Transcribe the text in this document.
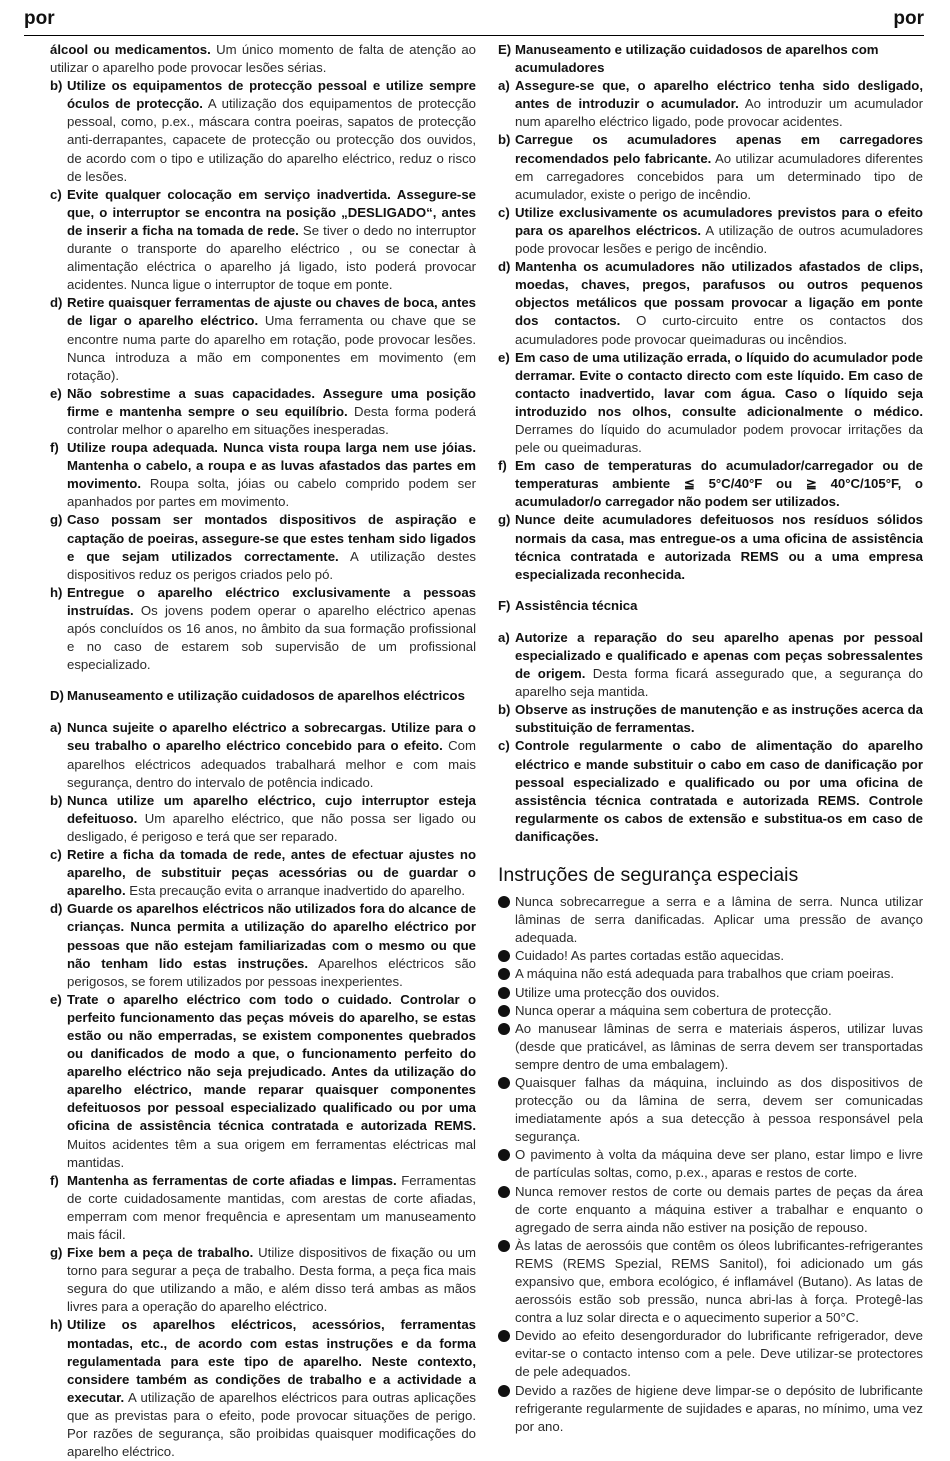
por	por
álcool ou medicamentos. Um único momento de falta de atenção ao utilizar o aparelho pode provocar lesões sérias.
b) Utilize os equipamentos de protecção pessoal e utilize sempre óculos de protecção. A utilização dos equipamentos de protecção pessoal, como, p.ex., máscara contra poeiras, sapatos de protecção anti-derrapantes, capacete de protecção ou protecção dos ouvidos, de acordo com o tipo e utilização do aparelho eléctrico, reduz o risco de lesões.
c) Evite qualquer colocação em serviço inadvertida. Assegure-se que, o interruptor se encontra na posição „DESLIGADO“, antes de inserir a ficha na tomada de rede. Se tiver o dedo no interruptor durante o transporte do aparelho eléctrico , ou se conectar à alimentação eléctrica o aparelho já ligado, isto poderá provocar acidentes. Nunca ligue o interruptor de toque em ponte.
d) Retire quaisquer ferramentas de ajuste ou chaves de boca, antes de ligar o aparelho eléctrico. Uma ferramenta ou chave que se encontre numa parte do aparelho em rotação, pode provocar lesões. Nunca introduza a mão em componentes em movimento (em rotação).
e) Não sobrestime a suas capacidades. Assegure uma posição firme e mantenha sempre o seu equilíbrio. Desta forma poderá controlar melhor o aparelho em situações inesperadas.
f) Utilize roupa adequada. Nunca vista roupa larga nem use jóias. Mantenha o cabelo, a roupa e as luvas afastados das partes em movimento. Roupa solta, jóias ou cabelo comprido podem ser apanhados por partes em movimento.
g) Caso possam ser montados dispositivos de aspiração e captação de poeiras, assegure-se que estes tenham sido ligados e que sejam utilizados correctamente. A utilização destes dispositivos reduz os perigos criados pelo pó.
h) Entregue o aparelho eléctrico exclusivamente a pessoas instruídas. Os jovens podem operar o aparelho eléctrico apenas após concluídos os 16 anos, no âmbito da sua formação profissional e no caso de estarem sob supervisão de um profissional especializado.
D) Manuseamento e utilização cuidadosos de aparelhos eléctricos
a) Nunca sujeite o aparelho eléctrico a sobrecargas. Utilize para o seu trabalho o aparelho eléctrico concebido para o efeito. Com aparelhos eléctricos adequados trabalhará melhor e com mais segurança, dentro do intervalo de potência indicado.
b) Nunca utilize um aparelho eléctrico, cujo interruptor esteja defeituoso. Um aparelho eléctrico, que não possa ser ligado ou desligado, é perigoso e terá que ser reparado.
c) Retire a ficha da tomada de rede, antes de efectuar ajustes no aparelho, de substituir peças acessórias ou de guardar o aparelho. Esta precaução evita o arranque inadvertido do aparelho.
d) Guarde os aparelhos eléctricos não utilizados fora do alcance de crianças. Nunca permita a utilização do aparelho eléctrico por pessoas que não estejam familiarizadas com o mesmo ou que não tenham lido estas instruções. Aparelhos eléctricos são perigosos, se forem utilizados por pessoas inexperientes.
e) Trate o aparelho eléctrico com todo o cuidado. Controlar o perfeito funcionamento das peças móveis do aparelho, se estas estão ou não emperradas, se existem componentes quebrados ou danificados de modo a que, o funcionamento perfeito do aparelho eléctrico não seja prejudicado. Antes da utilização do aparelho eléctrico, mande reparar quaisquer componentes defeituosos por pessoal especializado qualificado ou por uma oficina de assistência técnica contratada e autorizada REMS. Muitos acidentes têm a sua origem em ferramentas eléctricas mal mantidas.
f) Mantenha as ferramentas de corte afiadas e limpas. Ferramentas de corte cuidadosamente mantidas, com arestas de corte afiadas, emperram com menor frequência e apresentam um manuseamento mais fácil.
g) Fixe bem a peça de trabalho. Utilize dispositivos de fixação ou um torno para segurar a peça de trabalho. Desta forma, a peça fica mais segura do que utilizando a mão, e além disso terá ambas as mãos livres para a operação do aparelho eléctrico.
h) Utilize os aparelhos eléctricos, acessórios, ferramentas montadas, etc., de acordo com estas instruções e da forma regulamentada para este tipo de aparelho. Neste contexto, considere também as condições de trabalho e a actividade a executar. A utilização de aparelhos eléctricos para outras aplicações que as previstas para o efeito, pode provocar situações de perigo. Por razões de segurança, são proibidas quaisquer modificações do aparelho eléctrico.
E) Manuseamento e utilização cuidadosos de aparelhos com acumuladores
a) Assegure-se que, o aparelho eléctrico tenha sido desligado, antes de introduzir o acumulador. Ao introduzir um acumulador num aparelho eléctrico ligado, pode provocar acidentes.
b) Carregue os acumuladores apenas em carregadores recomendados pelo fabricante. Ao utilizar acumuladores diferentes em carregadores concebidos para um determinado tipo de acumulador, existe o perigo de incêndio.
c) Utilize exclusivamente os acumuladores previstos para o efeito para os aparelhos eléctricos. A utilização de outros acumuladores pode provocar lesões e perigo de incêndio.
d) Mantenha os acumuladores não utilizados afastados de clips, moedas, chaves, pregos, parafusos ou outros pequenos objectos metálicos que possam provocar a ligação em ponte dos contactos. O curto-circuito entre os contactos dos acumuladores pode provocar queimaduras ou incêndios.
e) Em caso de uma utilização errada, o líquido do acumulador pode derramar. Evite o contacto directo com este líquido. Em caso de contacto inadvertido, lavar com água. Caso o líquido seja introduzido nos olhos, consulte adicionalmente o médico. Derrames do líquido do acumulador podem provocar irritações da pele ou queimaduras.
f) Em caso de temperaturas do acumulador/carregador ou de temperaturas ambiente ≦ 5°C/40°F ou ≧ 40°C/105°F, o acumulador/o carregador não podem ser utilizados.
g) Nunce deite acumuladores defeituosos nos resíduos sólidos normais da casa, mas entregue-os a uma oficina de assistência técnica contratada e autorizada REMS ou a uma empresa especializada reconhecida.
F) Assistência técnica
a) Autorize a reparação do seu aparelho apenas por pessoal especializado e qualificado e apenas com peças sobressalentes de origem. Desta forma ficará assegurado que, a segurança do aparelho seja mantida.
b) Observe as instruções de manutenção e as instruções acerca da substituição de ferramentas.
c) Controle regularmente o cabo de alimentação do aparelho eléctrico e mande substituir o cabo em caso de danificação por pessoal especializado e qualificado ou por uma oficina de assistência técnica contratada e autorizada REMS. Controle regularmente os cabos de extensão e substitua-os em caso de danificações.
Instruções de segurança especiais
Nunca sobrecarregue a serra e a lâmina de serra. Nunca utilizar lâminas de serra danificadas. Aplicar uma pressão de avanço adequada.
Cuidado! As partes cortadas estão aquecidas.
A máquina não está adequada para trabalhos que criam poeiras.
Utilize uma protecção dos ouvidos.
Nunca operar a máquina sem cobertura de protecção.
Ao manusear lâminas de serra e materiais ásperos, utilizar luvas (desde que praticável, as lâminas de serra devem ser transportadas sempre dentro de uma embalagem).
Quaisquer falhas da máquina, incluindo as dos dispositivos de protecção ou da lâmina de serra, devem ser comunicadas imediatamente após a sua detecção à pessoa responsável pela segurança.
O pavimento à volta da máquina deve ser plano, estar limpo e livre de partículas soltas, como, p.ex., aparas e restos de corte.
Nunca remover restos de corte ou demais partes de peças da área de corte enquanto a máquina estiver a trabalhar e enquanto o agregado de serra ainda não estiver na posição de repouso.
Às latas de aerossóis que contêm os óleos lubrificantes-refrigerantes REMS (REMS Spezial, REMS Sanitol), foi adicionado um gás expansivo que, embora ecológico, é inflamável (Butano). As latas de aerossóis estão sob pressão, nunca abri-las à força. Protegê-las contra a luz solar directa e o aquecimento superior a 50°C.
Devido ao efeito desengordurador do lubrificante refrigerador, deve evitar-se o contacto intenso com a pele. Deve utilizar-se protectores de pele adequados.
Devido a razões de higiene deve limpar-se o depósito de lubrificante refrigerante regularmente de sujidades e aparas, no mínimo, uma vez por ano.
